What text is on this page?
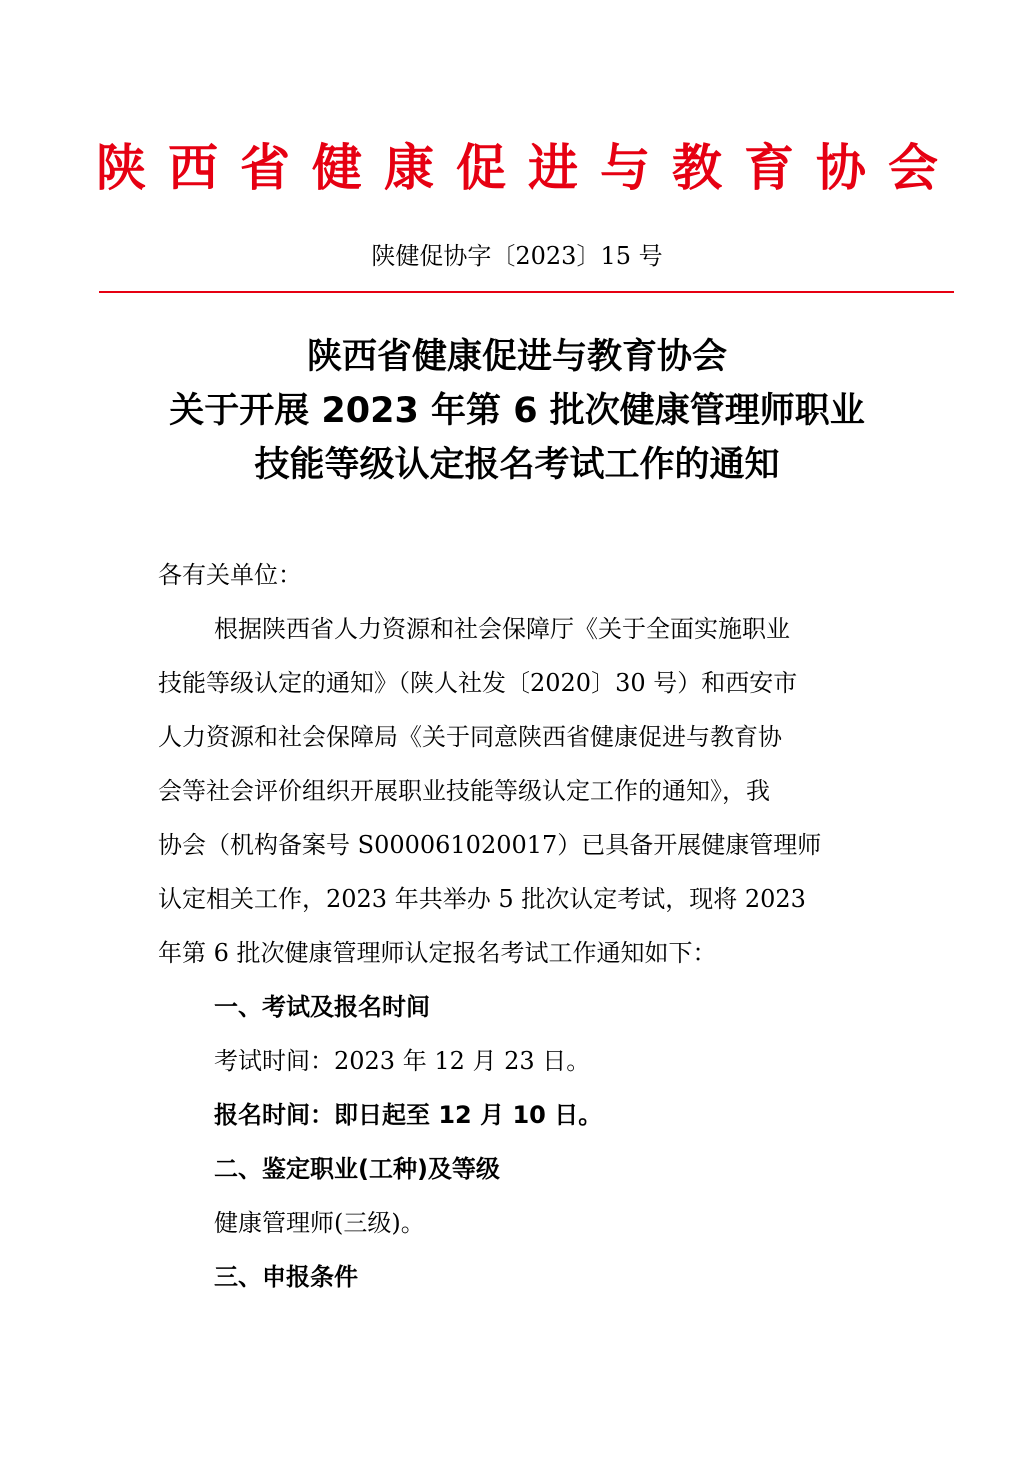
陕西省健康促进与教育协会
陕健促协字〔2023〕15 号
陕西省健康促进与教育协会
关于开展 2023 年第 6 批次健康管理师职业
技能等级认定报名考试工作的通知
各有关单位：
根据陕西省人力资源和社会保障厅《关于全面实施职业
技能等级认定的通知》（陕人社发〔2020〕30 号）和西安市
人力资源和社会保障局《关于同意陕西省健康促进与教育协
会等社会评价组织开展职业技能等级认定工作的通知》，我
协会（机构备案号 S000061020017）已具备开展健康管理师
认定相关工作，2023 年共举办 5 批次认定考试，现将 2023
年第 6 批次健康管理师认定报名考试工作通知如下：
一、考试及报名时间
考试时间：2023 年 12 月 23 日。
报名时间：即日起至 12 月 10 日。
二、鉴定职业(工种)及等级
健康管理师(三级)。
三、申报条件
